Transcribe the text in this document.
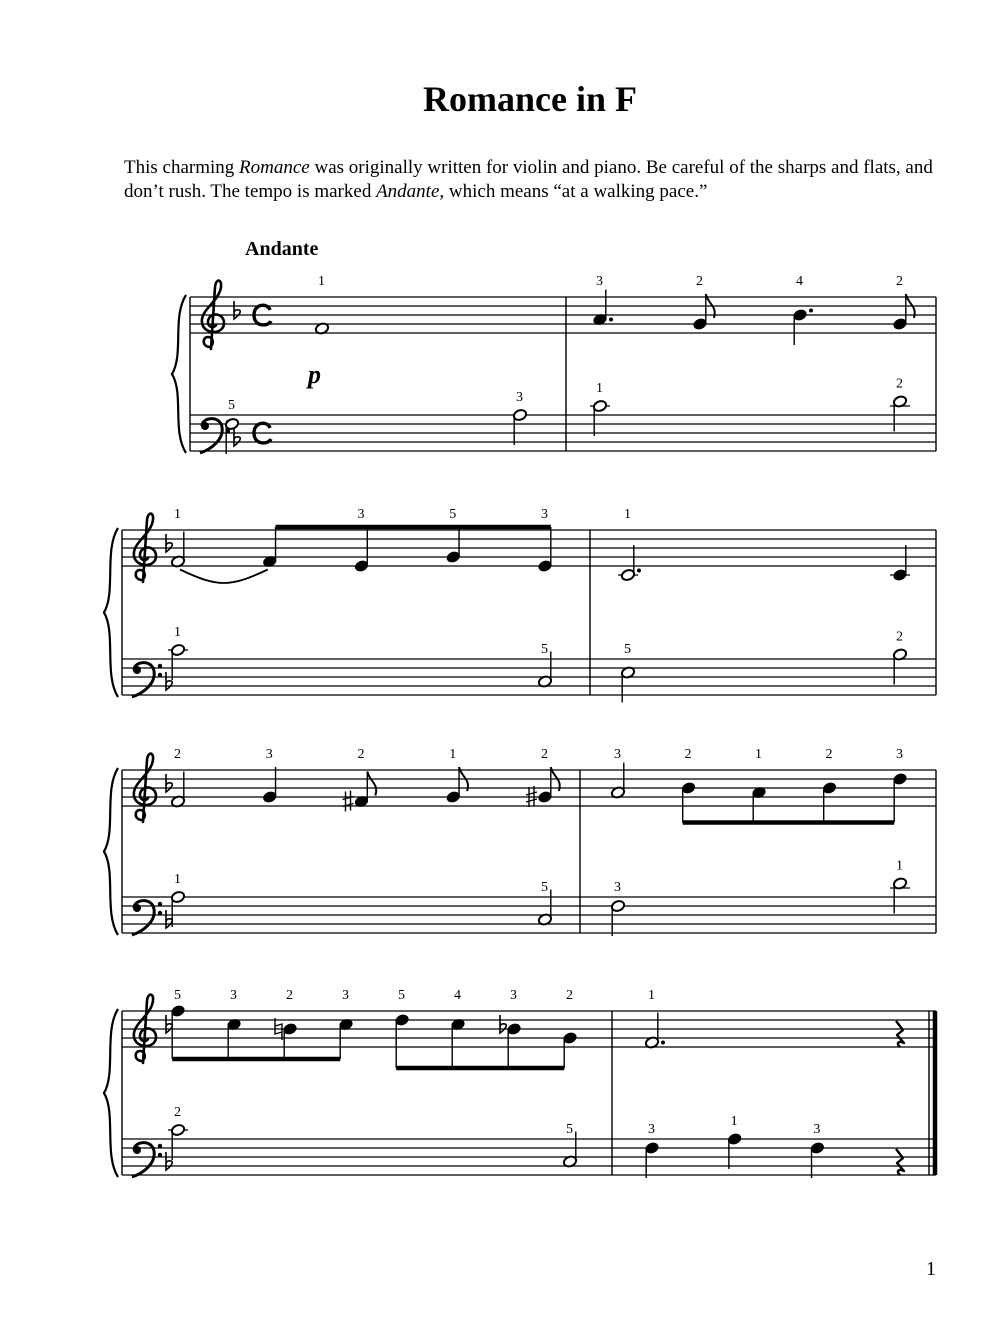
Romance in F

This charming Romance was originally written for violin and piano. Be careful of the sharps and flats, and don’t rush. The tempo is marked Andante, which means “at a walking pace.”

Andante
1
p
1	3	2	4	2
5
3
1	2
1	3	5	3	1
1
5	5
2
2	3	2	1	2	3	2	1	2	3
1
5	3
1
5	3	2	3	5	4	3	2	1
2
5	3
1
3
